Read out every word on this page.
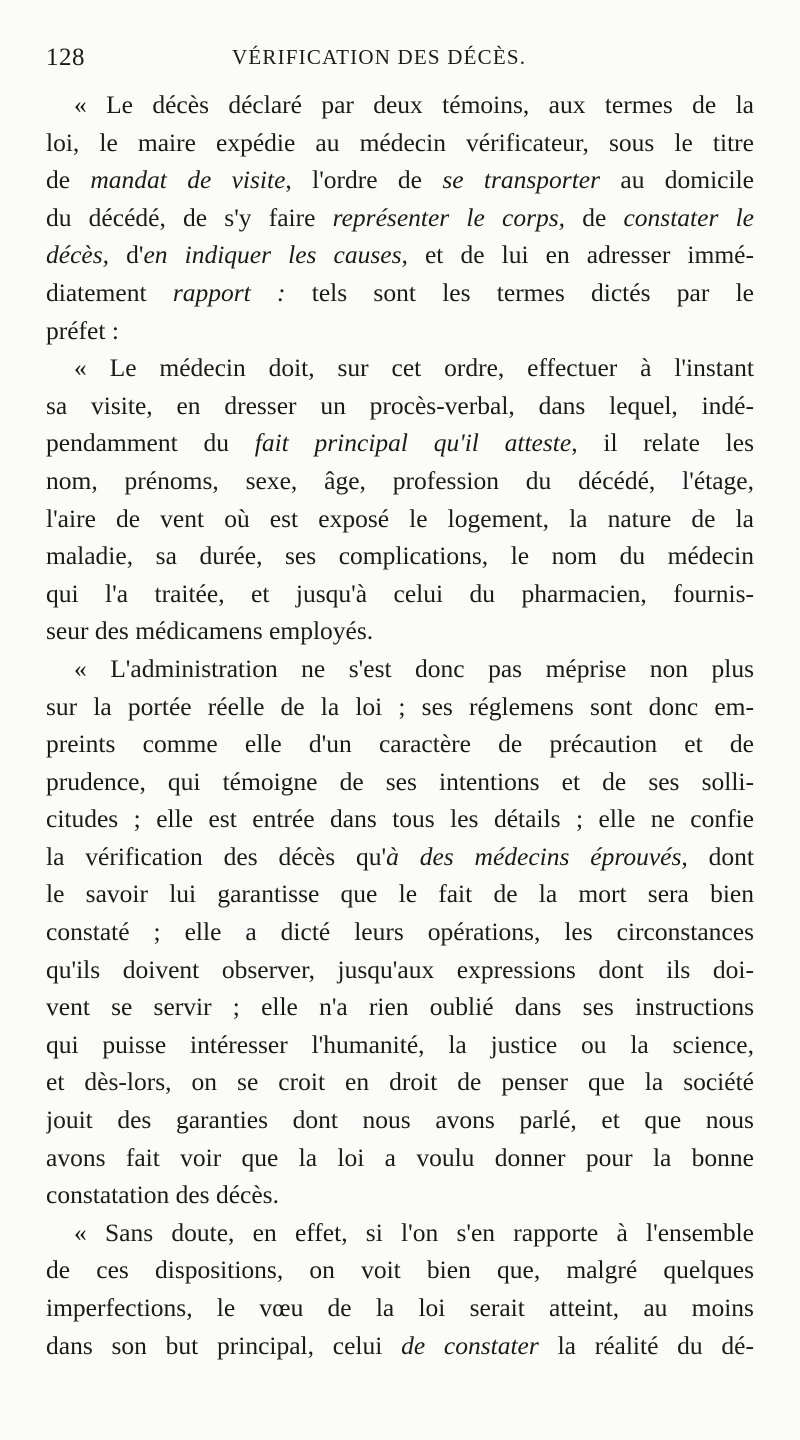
128	VÉRIFICATION DES DÉCÈS.
« Le décès déclaré par deux témoins, aux termes de la
loi, le maire expédie au médecin vérificateur, sous le titre
de mandat de visite, l'ordre de se transporter au domicile
du décédé, de s'y faire représenter le corps, de constater le
décès, d'en indiquer les causes, et de lui en adresser immé-
diatement rapport : tels sont les termes dictés par le
préfet :
« Le médecin doit, sur cet ordre, effectuer à l'instant
sa visite, en dresser un procès-verbal, dans lequel, indé-
pendamment du fait principal qu'il atteste, il relate les
nom, prénoms, sexe, âge, profession du décédé, l'étage,
l'aire de vent où est exposé le logement, la nature de la
maladie, sa durée, ses complications, le nom du médecin
qui l'a traitée, et jusqu'à celui du pharmacien, fournis-
seur des médicamens employés.
« L'administration ne s'est donc pas méprise non plus
sur la portée réelle de la loi ; ses réglemens sont donc em-
preints comme elle d'un caractère de précaution et de
prudence, qui témoigne de ses intentions et de ses solli-
citudes ; elle est entrée dans tous les détails ; elle ne confie
la vérification des décès qu'à des médecins éprouvés, dont
le savoir lui garantisse que le fait de la mort sera bien
constaté ; elle a dicté leurs opérations, les circonstances
qu'ils doivent observer, jusqu'aux expressions dont ils doi-
vent se servir ; elle n'a rien oublié dans ses instructions
qui puisse intéresser l'humanité, la justice ou la science,
et dès-lors, on se croit en droit de penser que la société
jouit des garanties dont nous avons parlé, et que nous
avons fait voir que la loi a voulu donner pour la bonne
constatation des décès.
« Sans doute, en effet, si l'on s'en rapporte à l'ensemble
de ces dispositions, on voit bien que, malgré quelques
imperfections, le vœu de la loi serait atteint, au moins
dans son but principal, celui de constater la réalité du dé-
